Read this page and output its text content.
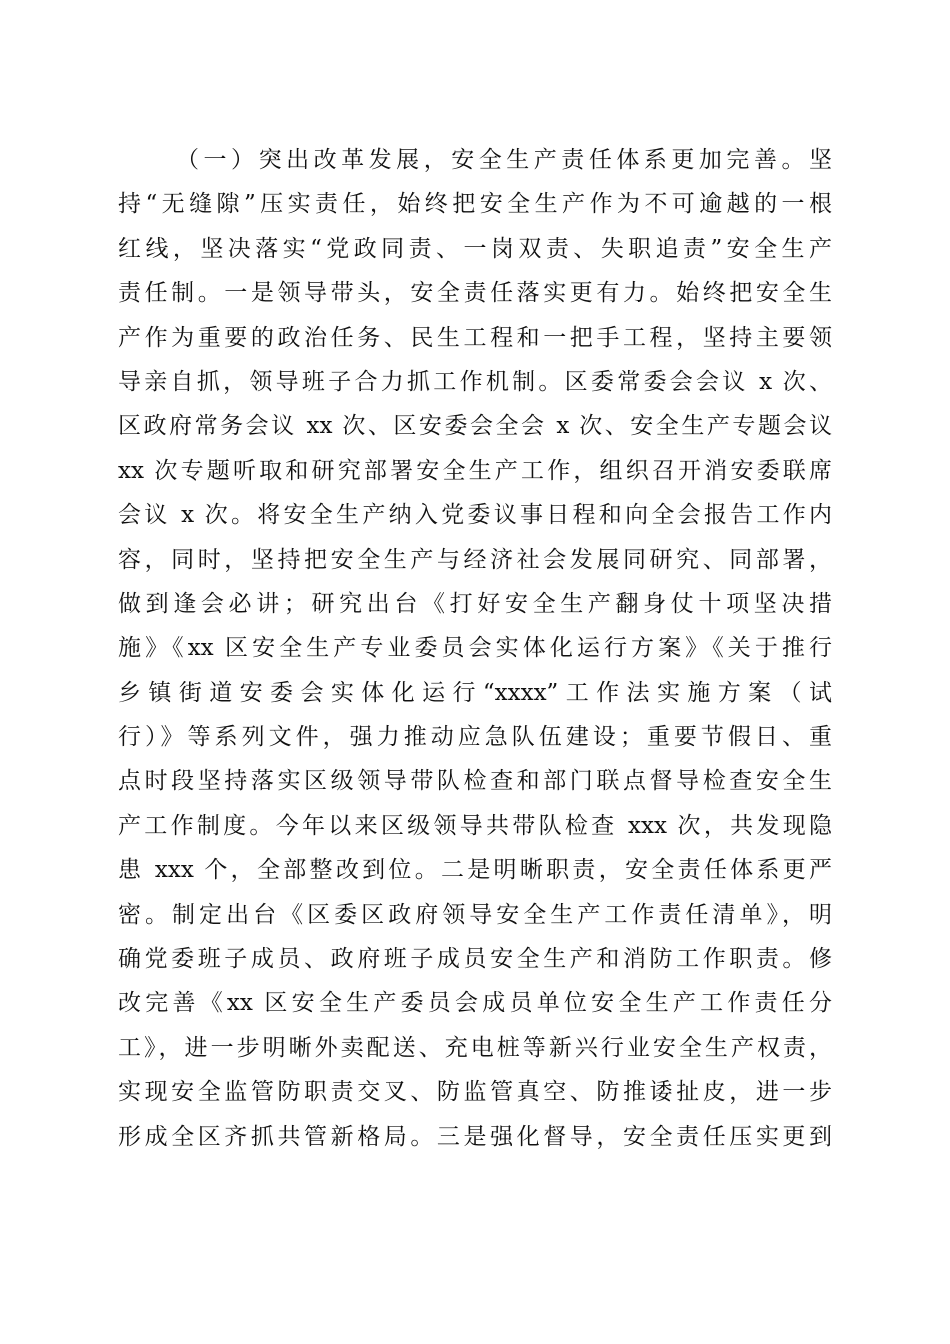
（一）突出改革发展，安全生产责任体系更加完善。坚
持“无缝隙”压实责任，始终把安全生产作为不可逾越的一根
红线，坚决落实“党政同责、一岗双责、失职追责”安全生产
责任制。一是领导带头，安全责任落实更有力。始终把安全生
产作为重要的政治任务、民生工程和一把手工程，坚持主要领
导亲自抓，领导班子合力抓工作机制。区委常委会会议 x 次、
区政府常务会议 xx 次、区安委会全会 x 次、安全生产专题会议
xx 次专题听取和研究部署安全生产工作，组织召开消安委联席
会议 x 次。将安全生产纳入党委议事日程和向全会报告工作内
容，同时，坚持把安全生产与经济社会发展同研究、同部署，
做到逢会必讲；研究出台《打好安全生产翻身仗十项坚决措
施》《xx 区安全生产专业委员会实体化运行方案》《关于推行
乡镇街道安委会实体化运行“xxxx”工作法实施方案（试
行）》等系列文件，强力推动应急队伍建设；重要节假日、重
点时段坚持落实区级领导带队检查和部门联点督导检查安全生
产工作制度。今年以来区级领导共带队检查 xxx 次，共发现隐
患 xxx 个，全部整改到位。二是明晰职责，安全责任体系更严
密。制定出台《区委区政府领导安全生产工作责任清单》，明
确党委班子成员、政府班子成员安全生产和消防工作职责。修
改完善《xx 区安全生产委员会成员单位安全生产工作责任分
工》，进一步明晰外卖配送、充电桩等新兴行业安全生产权责，
实现安全监管防职责交叉、防监管真空、防推诿扯皮，进一步
形成全区齐抓共管新格局。三是强化督导，安全责任压实更到
